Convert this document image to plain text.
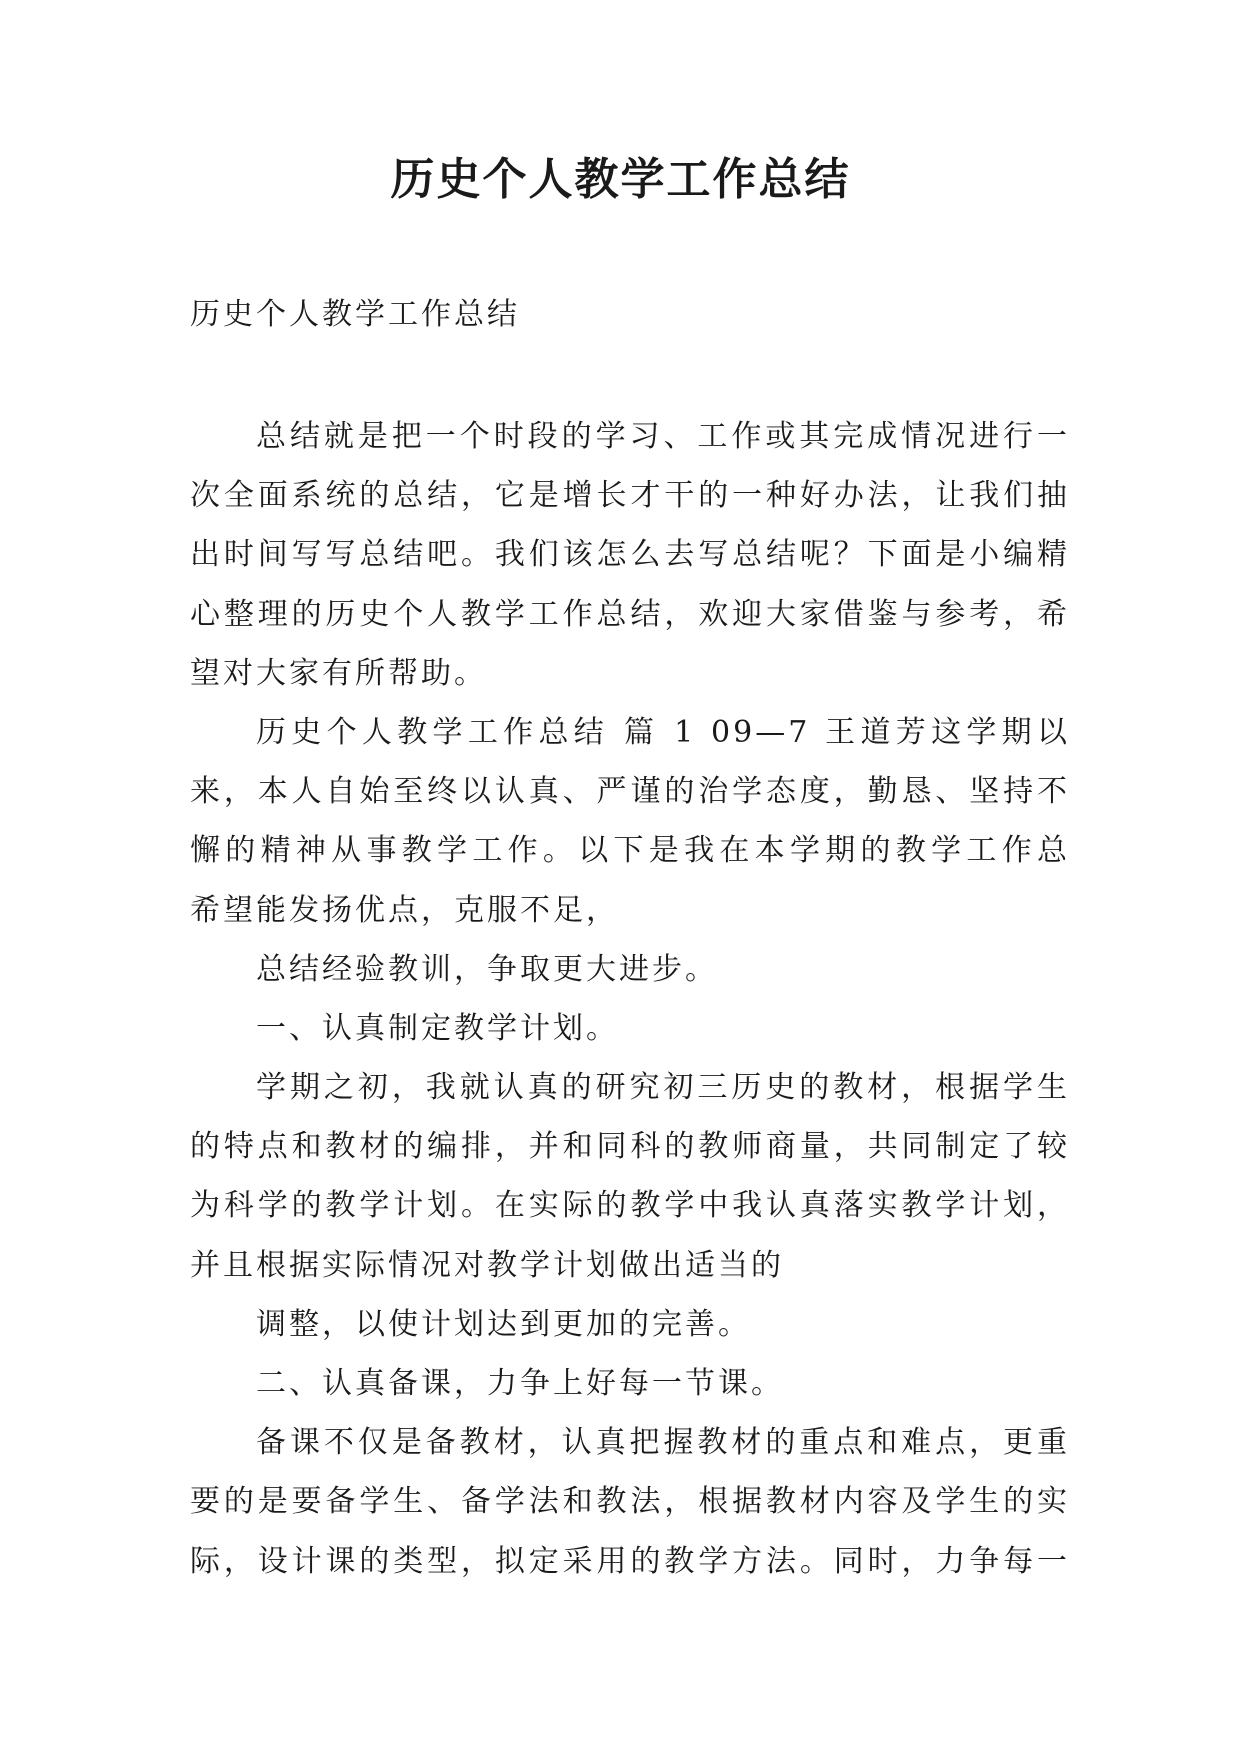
历史个人教学工作总结

历史个人教学工作总结

总结就是把一个时段的学习、工作或其完成情况进行一
次全面系统的总结，它是增长才干的一种好办法，让我们抽
出时间写写总结吧。我们该怎么去写总结呢？下面是小编精
心整理的历史个人教学工作总结，欢迎大家借鉴与参考，希
望对大家有所帮助。
历史个人教学工作总结 篇 1 09—7 王道芳这学期以
来，本人自始至终以认真、严谨的治学态度，勤恳、坚持不
懈的精神从事教学工作。以下是我在本学期的教学工作总
希望能发扬优点，克服不足，
总结经验教训，争取更大进步。
一、认真制定教学计划。
学期之初，我就认真的研究初三历史的教材，根据学生
的特点和教材的编排，并和同科的教师商量，共同制定了较
为科学的教学计划。在实际的教学中我认真落实教学计划，
并且根据实际情况对教学计划做出适当的
调整，以使计划达到更加的完善。
二、认真备课，力争上好每一节课。
备课不仅是备教材，认真把握教材的重点和难点，更重
要的是要备学生、备学法和教法，根据教材内容及学生的实
际，设计课的类型，拟定采用的教学方法。同时，力争每一
